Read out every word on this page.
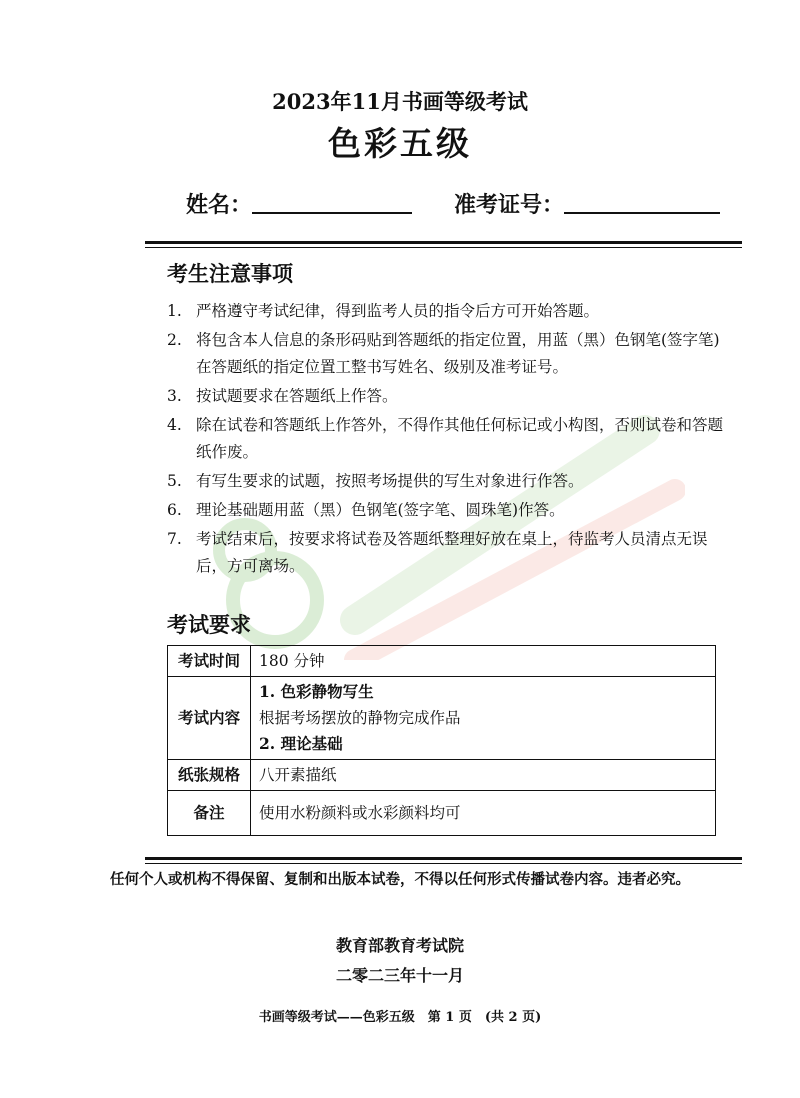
2023年11月书画等级考试
色彩五级
姓名：	准考证号：
考生注意事项
1. 严格遵守考试纪律，得到监考人员的指令后方可开始答题。
2. 将包含本人信息的条形码贴到答题纸的指定位置，用蓝（黑）色钢笔(签字笔)在答题纸的指定位置工整书写姓名、级别及准考证号。
3. 按试题要求在答题纸上作答。
4. 除在试卷和答题纸上作答外，不得作其他任何标记或小构图，否则试卷和答题纸作废。
5. 有写生要求的试题，按照考场提供的写生对象进行作答。
6. 理论基础题用蓝（黑）色钢笔(签字笔、圆珠笔)作答。
7. 考试结束后，按要求将试卷及答题纸整理好放在桌上，待监考人员清点无误后，方可离场。
考试要求
考试时间	180 分钟
考试内容	1. 色彩静物写生
根据考场摆放的静物完成作品
2. 理论基础

纸张规格	八开素描纸
备注	使用水粉颜料或水彩颜料均可
任何个人或机构不得保留、复制和出版本试卷，不得以任何形式传播试卷内容。违者必究。
教育部教育考试院
二零二三年十一月
书画等级考试——色彩五级　第 1 页　(共 2 页)
